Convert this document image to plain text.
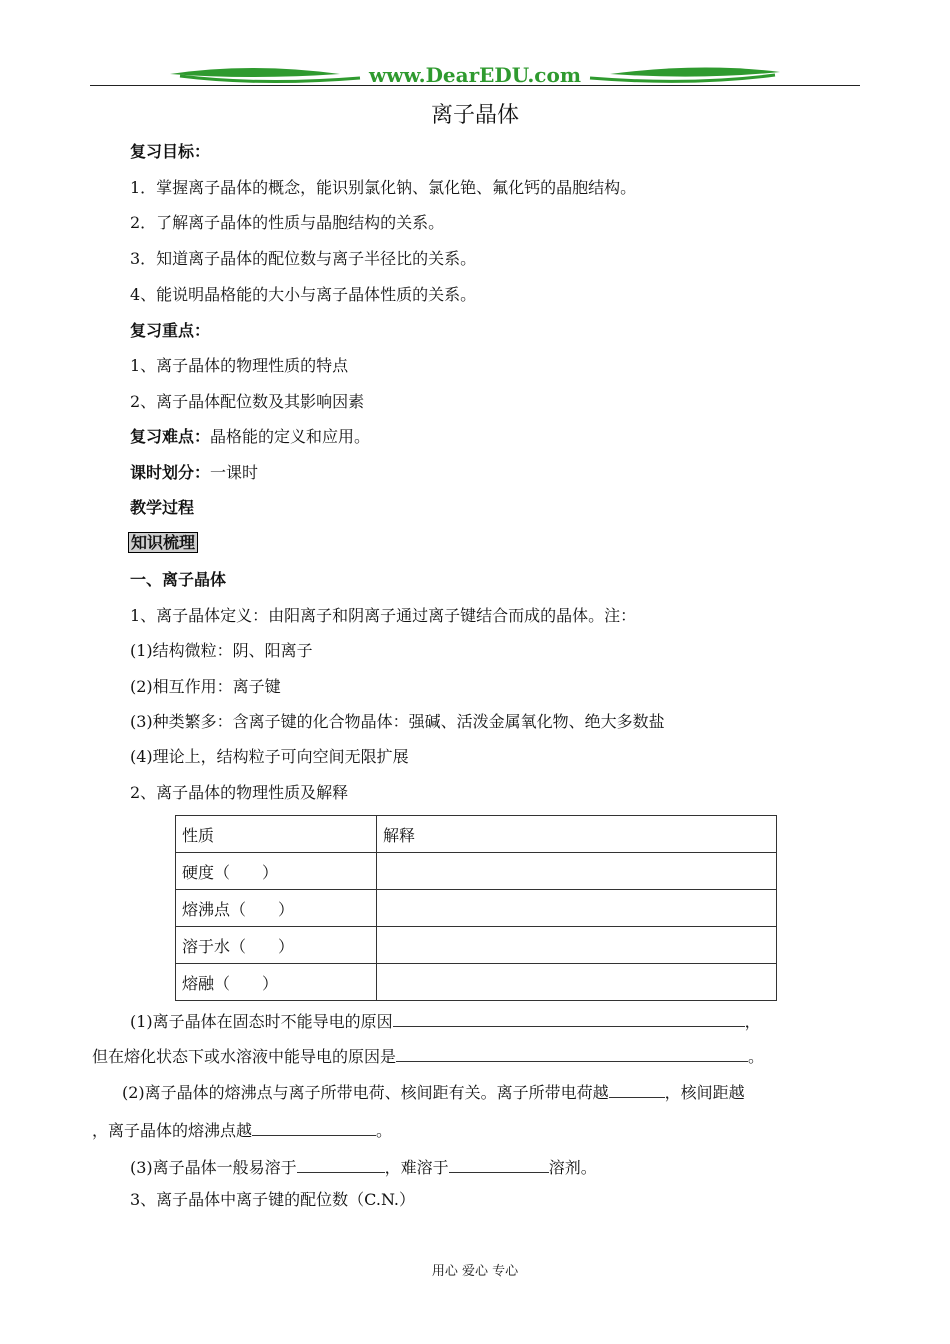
www.DearEDU.com
离子晶体
复习目标：
1．掌握离子晶体的概念，能识别氯化钠、氯化铯、氟化钙的晶胞结构。
2．了解离子晶体的性质与晶胞结构的关系。
3．知道离子晶体的配位数与离子半径比的关系。
4、能说明晶格能的大小与离子晶体性质的关系。
复习重点：
1、离子晶体的物理性质的特点
2、离子晶体配位数及其影响因素
复习难点：晶格能的定义和应用。
课时划分：一课时
教学过程
知识梳理
一、离子晶体
1、离子晶体定义：由阳离子和阴离子通过离子键结合而成的晶体。注：
(1)结构微粒：阴、阳离子
(2)相互作用：离子键
(3)种类繁多：含离子键的化合物晶体：强碱、活泼金属氧化物、绝大多数盐
(4)理论上，结构粒子可向空间无限扩展
2、离子晶体的物理性质及解释
性质	解释
硬度（　　）	
熔沸点（　　）	
溶于水（　　）	
熔融（　　）	
(1)离子晶体在固态时不能导电的原因	，
但在熔化状态下或水溶液中能导电的原因是	。
(2)离子晶体的熔沸点与离子所带电荷、核间距有关。离子所带电荷越	，核间距越
，离子晶体的熔沸点越	。
(3)离子晶体一般易溶于	，难溶于	溶剂。
3、离子晶体中离子键的配位数（C.N.）
用心 爱心 专心
